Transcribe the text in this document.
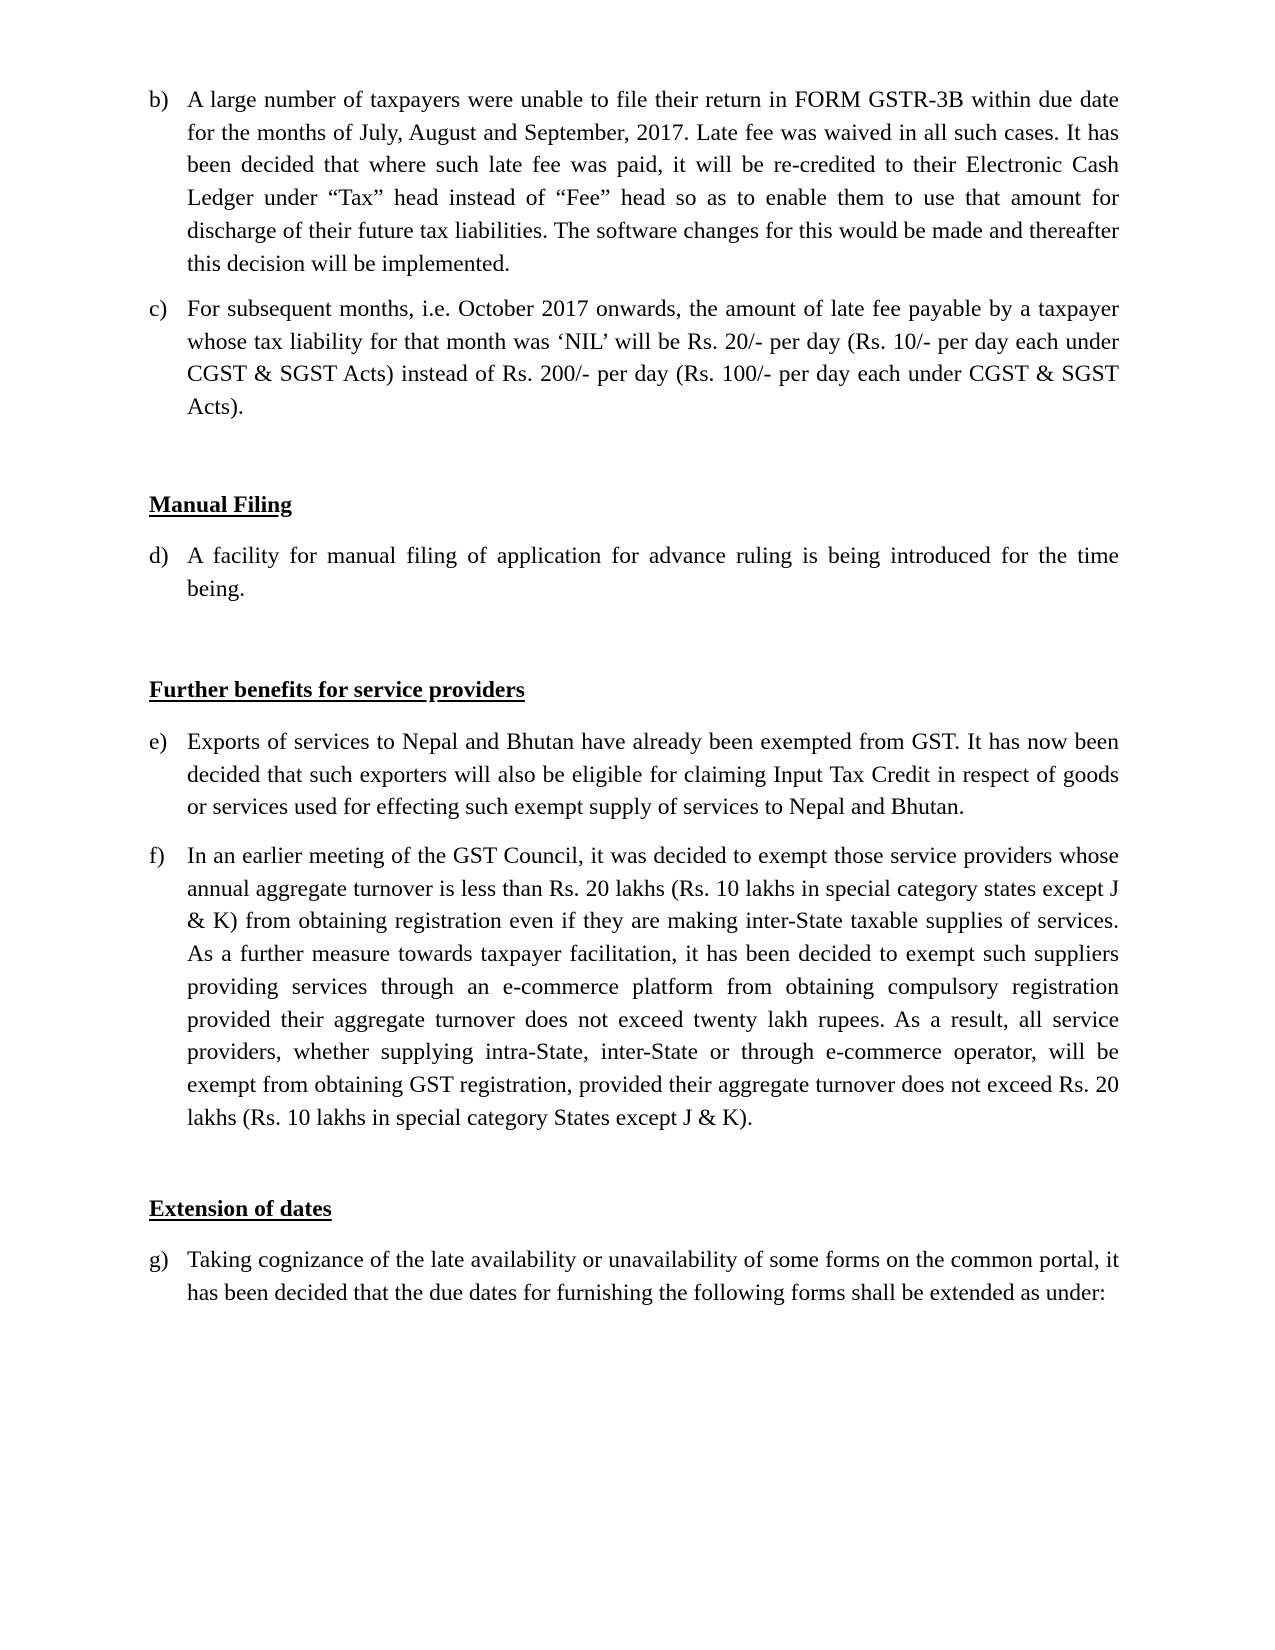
b) A large number of taxpayers were unable to file their return in FORM GSTR-3B within due date for the months of July, August and September, 2017. Late fee was waived in all such cases. It has been decided that where such late fee was paid, it will be re-credited to their Electronic Cash Ledger under “Tax” head instead of “Fee” head so as to enable them to use that amount for discharge of their future tax liabilities. The software changes for this would be made and thereafter this decision will be implemented.
c) For subsequent months, i.e. October 2017 onwards, the amount of late fee payable by a taxpayer whose tax liability for that month was ‘NIL’ will be Rs. 20/- per day (Rs. 10/- per day each under CGST & SGST Acts) instead of Rs. 200/- per day (Rs. 100/- per day each under CGST & SGST Acts).
Manual Filing
d) A facility for manual filing of application for advance ruling is being introduced for the time being.
Further benefits for service providers
e) Exports of services to Nepal and Bhutan have already been exempted from GST. It has now been decided that such exporters will also be eligible for claiming Input Tax Credit in respect of goods or services used for effecting such exempt supply of services to Nepal and Bhutan.
f) In an earlier meeting of the GST Council, it was decided to exempt those service providers whose annual aggregate turnover is less than Rs. 20 lakhs (Rs. 10 lakhs in special category states except J & K) from obtaining registration even if they are making inter-State taxable supplies of services. As a further measure towards taxpayer facilitation, it has been decided to exempt such suppliers providing services through an e-commerce platform from obtaining compulsory registration provided their aggregate turnover does not exceed twenty lakh rupees. As a result, all service providers, whether supplying intra-State, inter-State or through e-commerce operator, will be exempt from obtaining GST registration, provided their aggregate turnover does not exceed Rs. 20 lakhs (Rs. 10 lakhs in special category States except J & K).
Extension of dates
g) Taking cognizance of the late availability or unavailability of some forms on the common portal, it has been decided that the due dates for furnishing the following forms shall be extended as under:
